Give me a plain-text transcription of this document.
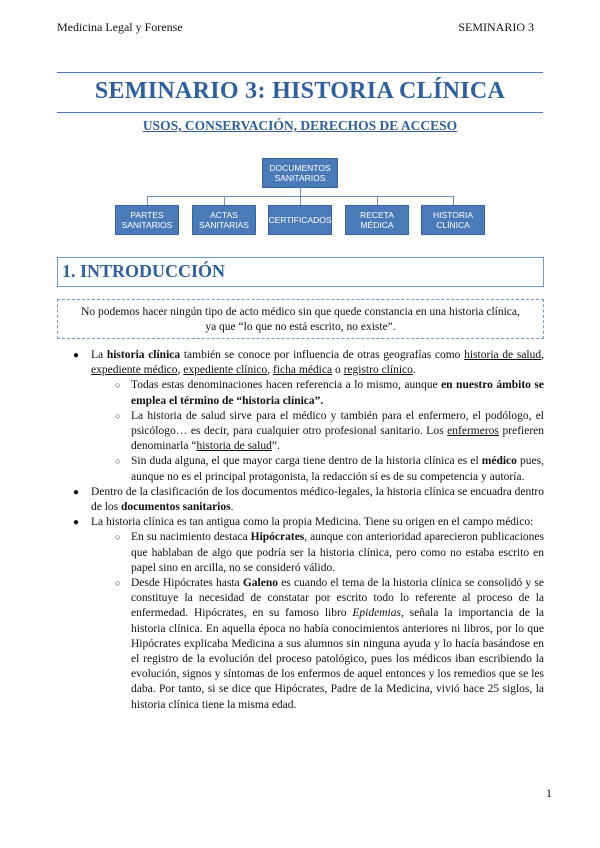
Medicina Legal y Forense	SEMINARIO 3
SEMINARIO 3: HISTORIA CLÍNICA
USOS, CONSERVACIÓN, DERECHOS DE ACCESO
DOCUMENTOS SANITARIOS
PARTES SANITARIOS
ACTAS SANITARIAS	CERTIFICADOS	RECETA MÉDICA
HISTORIA CLÍNICA
1. INTRODUCCIÓN
No podemos hacer ningún tipo de acto médico sin que quede constancia en una historia clínica,
ya que “lo que no está escrito, no existe”.
● La historia clínica también se conoce por influencia de otras geografías como historia de salud, expediente médico, expediente clínico, ficha médica o registro clínico.
○ Todas estas denominaciones hacen referencia a lo mismo, aunque en nuestro ámbito se emplea el término de “historia clínica”.
○ La historia de salud sirve para el médico y también para el enfermero, el podólogo, el psicólogo… es decir, para cualquier otro profesional sanitario. Los enfermeros prefieren denominarla “historia de salud”.
○ Sin duda alguna, el que mayor carga tiene dentro de la historia clínica es el médico pues, aunque no es el principal protagonista, la redacción sí es de su competencia y autoría.
● Dentro de la clasificación de los documentos médico-legales, la historia clínica se encuadra dentro de los documentos sanitarios.
● La historia clínica es tan antigua como la propia Medicina. Tiene su origen en el campo médico:
○ En su nacimiento destaca Hipócrates, aunque con anterioridad aparecieron publicaciones que hablaban de algo que podría ser la historia clínica, pero como no estaba escrito en papel sino en arcilla, no se consideró válido.
○ Desde Hipócrates hasta Galeno es cuando el tema de la historia clínica se consolidó y se constituye la necesidad de constatar por escrito todo lo referente al proceso de la enfermedad. Hipócrates, en su famoso libro Epidemias, señala la importancia de la historia clínica. En aquella época no había conocimientos anteriores ni libros, por lo que Hipócrates explicaba Medicina a sus alumnos sin ninguna ayuda y lo hacía basándose en el registro de la evolución del proceso patológico, pues los médicos iban escribiendo la evolución, signos y síntomas de los enfermos de aquel entonces y los remedios que se les daba. Por tanto, si se dice que Hipócrates, Padre de la Medicina, vivió hace 25 siglos, la historia clínica tiene la misma edad.
1
